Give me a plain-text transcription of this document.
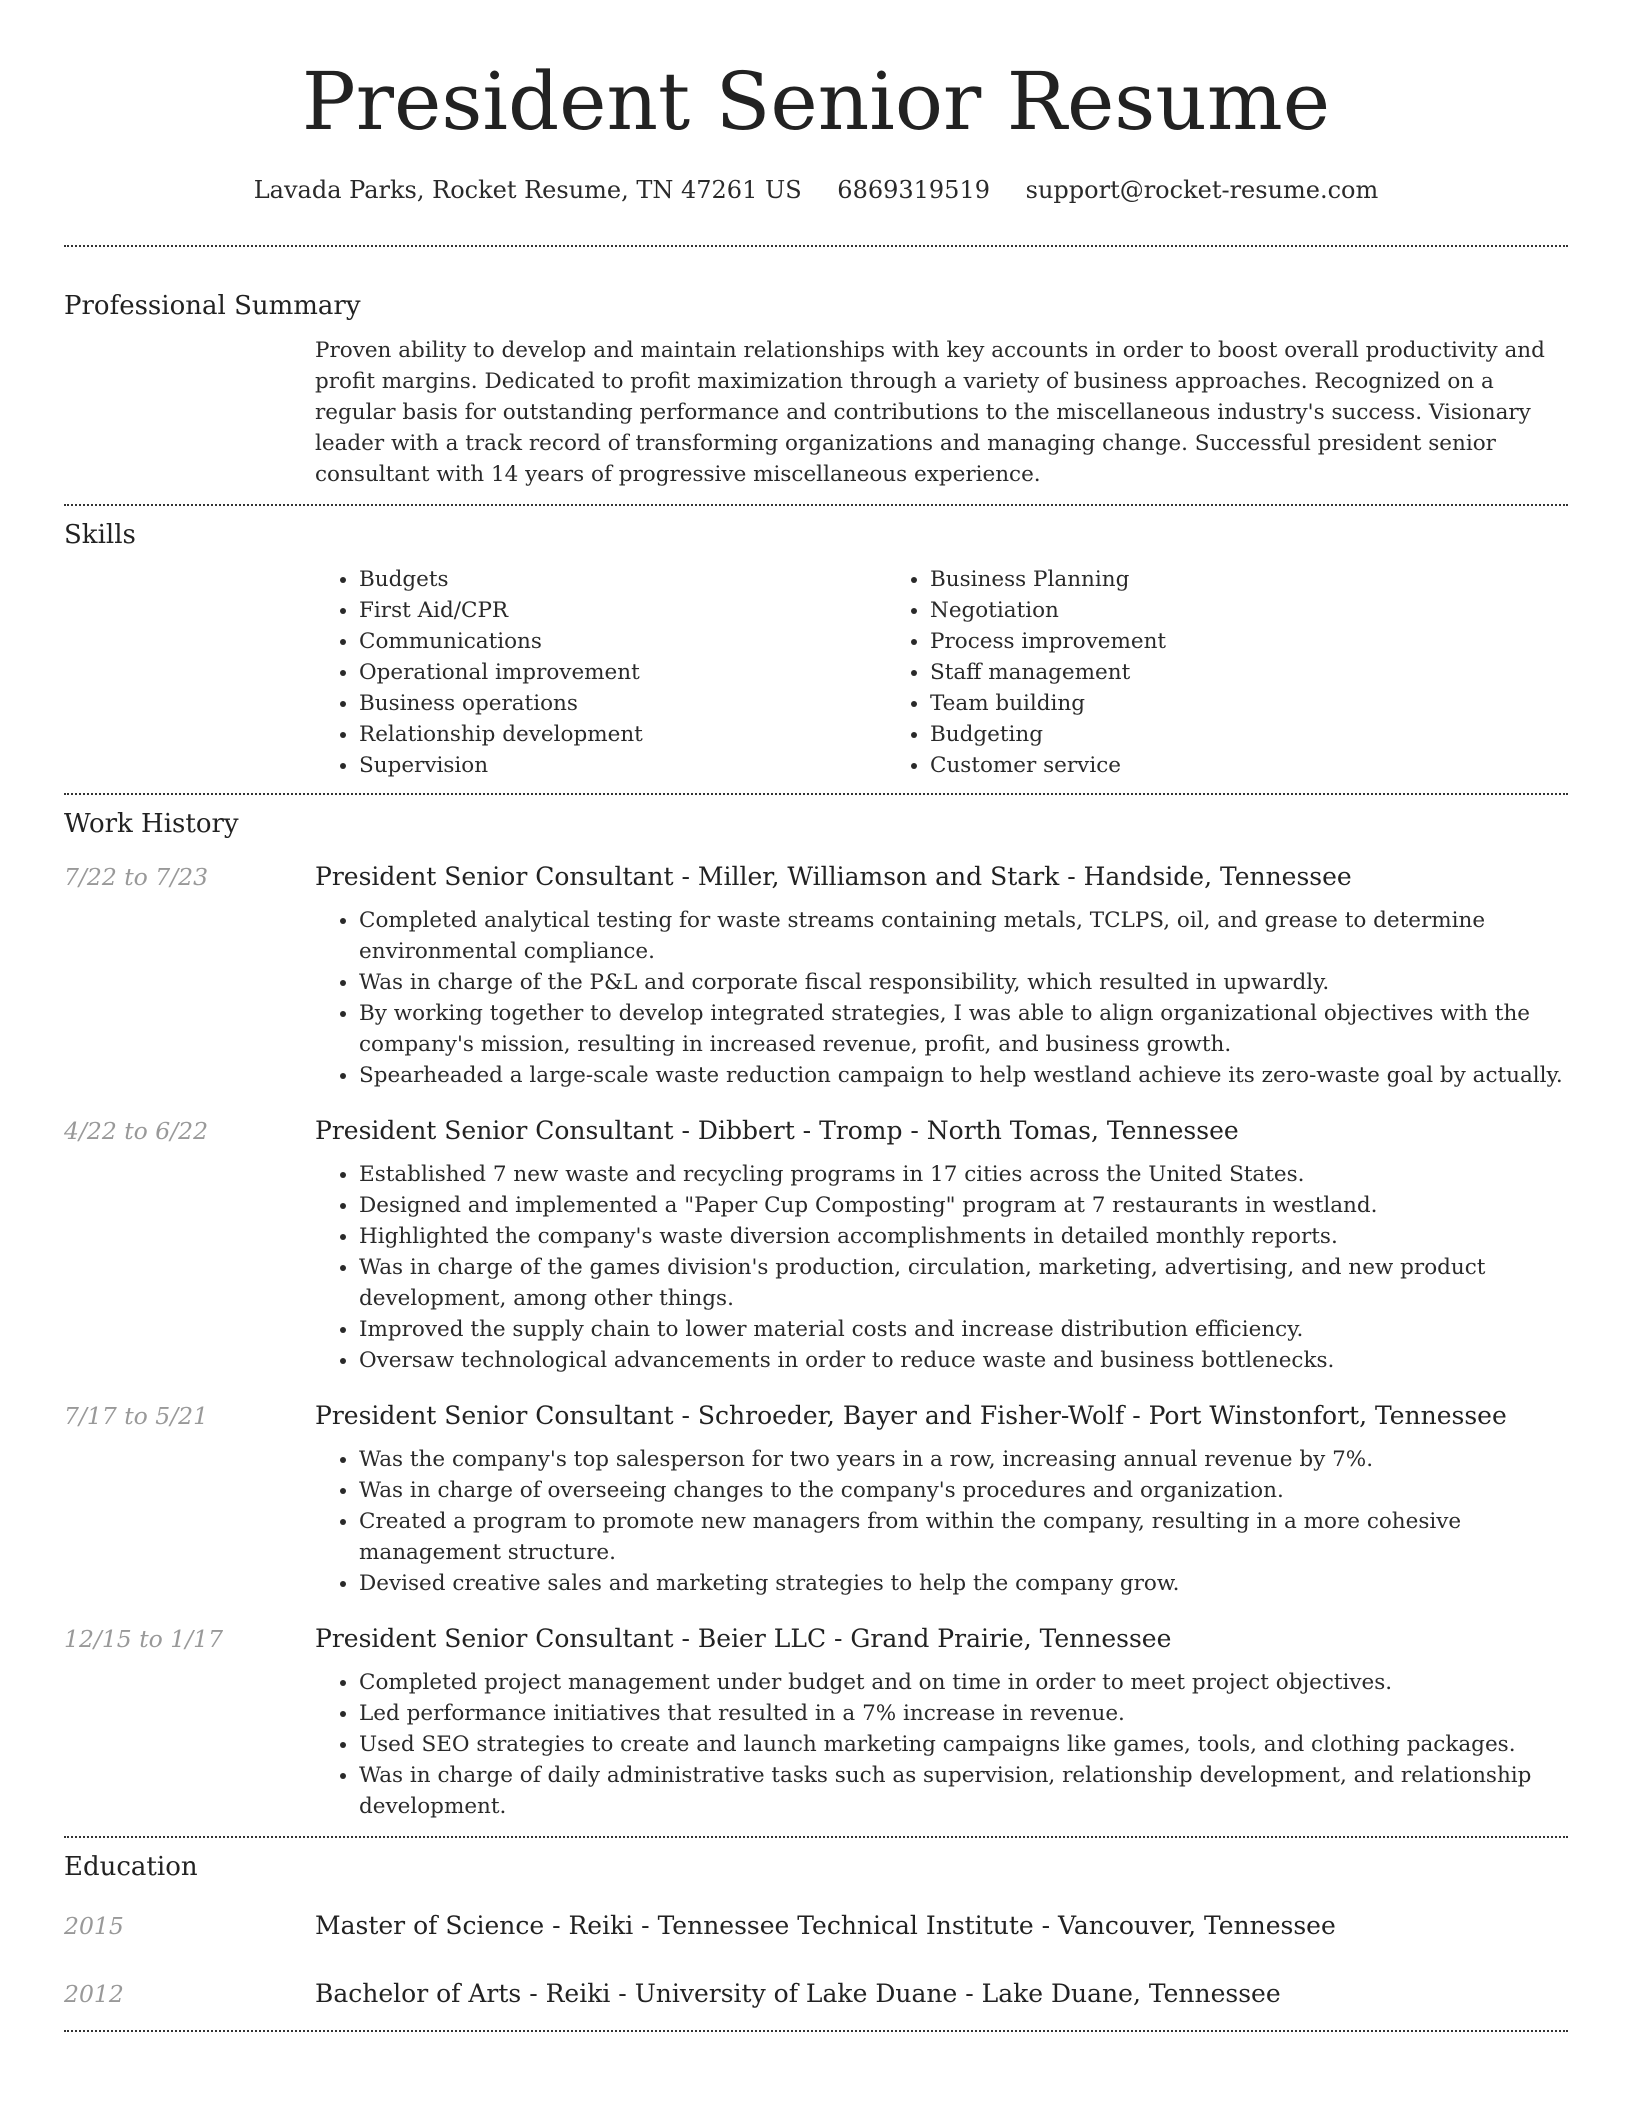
President Senior Resume
Lavada Parks, Rocket Resume, TN 47261 US 6869319519 support@rocket-resume.com
Professional Summary

Proven ability to develop and maintain relationships with key accounts in order to boost overall productivity and profit margins. Dedicated to profit maximization through a variety of business approaches. Recognized on a regular basis for outstanding performance and contributions to the miscellaneous industry's success. Visionary leader with a track record of transforming organizations and managing change. Successful president senior consultant with 14 years of progressive miscellaneous experience.

Skills
• Budgets
• First Aid/CPR
• Communications
• Operational improvement
• Business operations
• Relationship development
• Supervision
• Business Planning
• Negotiation
• Process improvement
• Staff management
• Team building
• Budgeting
• Customer service
Work History
7/22 to 7/23	President Senior Consultant - Miller, Williamson and Stark - Handside, Tennessee
• Completed analytical testing for waste streams containing metals, TCLPS, oil, and grease to determine environmental compliance.
• Was in charge of the P&L and corporate fiscal responsibility, which resulted in upwardly.
• By working together to develop integrated strategies, I was able to align organizational objectives with the company's mission, resulting in increased revenue, profit, and business growth.
• Spearheaded a large-scale waste reduction campaign to help westland achieve its zero-waste goal by actually.
4/22 to 6/22	President Senior Consultant - Dibbert - Tromp - North Tomas, Tennessee
• Established 7 new waste and recycling programs in 17 cities across the United States.
• Designed and implemented a "Paper Cup Composting" program at 7 restaurants in westland.
• Highlighted the company's waste diversion accomplishments in detailed monthly reports.
• Was in charge of the games division's production, circulation, marketing, advertising, and new product development, among other things.
• Improved the supply chain to lower material costs and increase distribution efficiency.
• Oversaw technological advancements in order to reduce waste and business bottlenecks.
7/17 to 5/21	President Senior Consultant - Schroeder, Bayer and Fisher-Wolf - Port Winstonfort, Tennessee
• Was the company's top salesperson for two years in a row, increasing annual revenue by 7%.
• Was in charge of overseeing changes to the company's procedures and organization.
• Created a program to promote new managers from within the company, resulting in a more cohesive management structure.
• Devised creative sales and marketing strategies to help the company grow.
12/15 to 1/17	President Senior Consultant - Beier LLC - Grand Prairie, Tennessee
• Completed project management under budget and on time in order to meet project objectives.
• Led performance initiatives that resulted in a 7% increase in revenue.
• Used SEO strategies to create and launch marketing campaigns like games, tools, and clothing packages.
• Was in charge of daily administrative tasks such as supervision, relationship development, and relationship development.
Education
2015	Master of Science - Reiki - Tennessee Technical Institute - Vancouver, Tennessee
2012	Bachelor of Arts - Reiki - University of Lake Duane - Lake Duane, Tennessee
